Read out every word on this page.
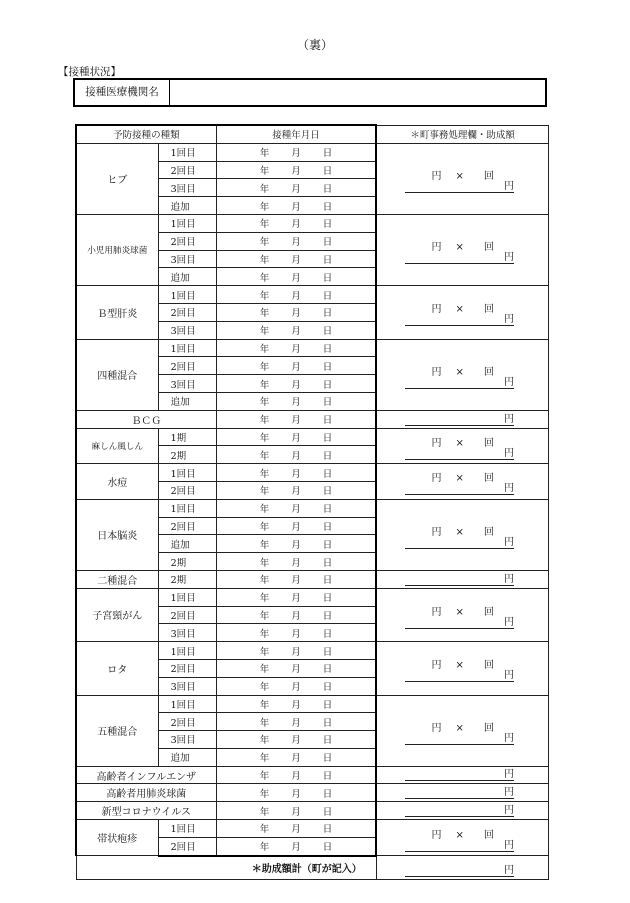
（裏）
【接種状況】
接種医療機関名
予防接種の種類		接種年月日	＊町事務処理欄・助成額
ヒブ	1回目	年 月 日	円 × 回
円

	2回目	年 月 日	
	3回目	年 月 日	
	追加	年 月 日	
小児用肺炎球菌	1回目	年 月 日	円 × 回
円

	2回目	年 月 日	
	3回目	年 月 日	
	追加	年 月 日	
Ｂ型肝炎	1回目	年 月 日	円 × 回
円

	2回目	年 月 日	
	3回目	年 月 日	
四種混合	1回目	年 月 日	円 × 回
円

	2回目	年 月 日	
	3回目	年 月 日	
	追加	年 月 日	
ＢＣＧ		年 月 日	円

麻しん風しん	1期	年 月 日	円 × 回
円

	2期	年 月 日	
水痘	1回目	年 月 日	円 × 回
円

	2回目	年 月 日	
日本脳炎	1回目	年 月 日	円 × 回
円

	2回目	年 月 日	
	追加	年 月 日	
	2期	年 月 日	
二種混合	2期	年 月 日	円

子宮頸がん	1回目	年 月 日	円 × 回
円

	2回目	年 月 日	
	3回目	年 月 日	
ロタ	1回目	年 月 日	円 × 回
円

	2回目	年 月 日	
	3回目	年 月 日	
五種混合	1回目	年 月 日	円 × 回
円

	2回目	年 月 日	
	3回目	年 月 日	
	追加	年 月 日	
高齢者インフルエンザ		年 月 日	円

高齢者用肺炎球菌		年 月 日	円

新型コロナウイルス		年 月 日	円

帯状疱疹	1回目	年 月 日	円 × 回
円

	2回目	年 月 日	
＊助成額計（町が記入）			円
